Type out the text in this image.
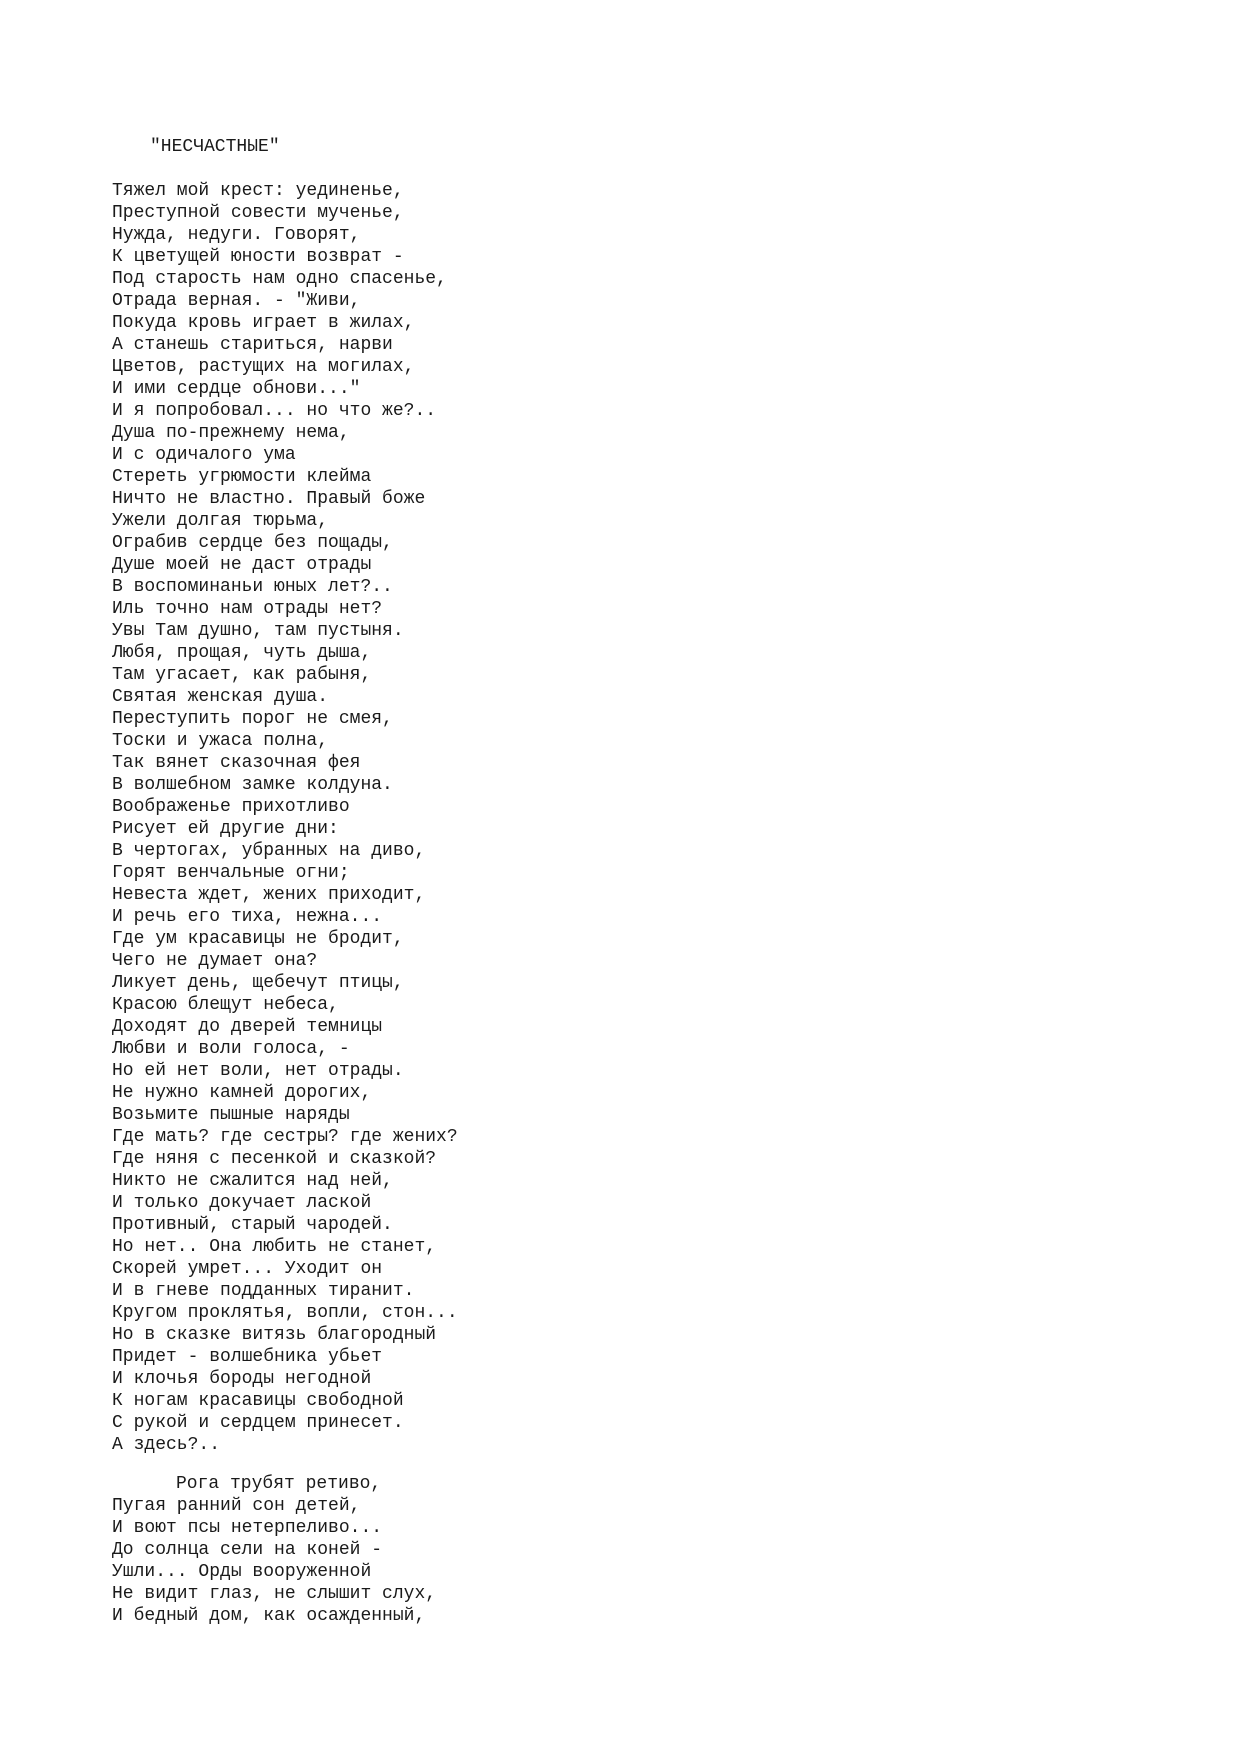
"НЕСЧАСТНЫЕ"
Тяжел мой крест: уединенье,
Преступной совести мученье,
Нужда, недуги. Говорят,
К цветущей юности возврат -
Под старость нам одно спасенье,
Отрада верная. - "Живи,
Покуда кровь играет в жилах,
А станешь стариться, нарви
Цветов, растущих на могилах,
И ими сердце обнови..."
И я попробовал... но что же?..
Душа по-прежнему нема,
И с одичалого ума
Стереть угрюмости клейма
Ничто не властно. Правый боже
Ужели долгая тюрьма,
Ограбив сердце без пощады,
Душе моей не даст отрады
В воспоминаньи юных лет?..
Иль точно нам отрады нет?
Увы Там душно, там пустыня.
Любя, прощая, чуть дыша,
Там угасает, как рабыня,
Святая женская душа.
Переступить порог не смея,
Тоски и ужаса полна,
Так вянет сказочная фея
В волшебном замке колдуна.
Воображенье прихотливо
Рисует ей другие дни:
В чертогах, убранных на диво,
Горят венчальные огни;
Невеста ждет, жених приходит,
И речь его тиха, нежна...
Где ум красавицы не бродит,
Чего не думает она?
Ликует день, щебечут птицы,
Красою блещут небеса,
Доходят до дверей темницы
Любви и воли голоса, -
Но ей нет воли, нет отрады.
Не нужно камней дорогих,
Возьмите пышные наряды
Где мать? где сестры? где жених?
Где няня с песенкой и сказкой?
Никто не сжалится над ней,
И только докучает лаской
Противный, старый чародей.
Но нет.. Она любить не станет,
Скорей умрет... Уходит он
И в гневе подданных тиранит.
Кругом проклятья, вопли, стон...
Но в сказке витязь благородный
Придет - волшебника убьет
И клочья бороды негодной
К ногам красавицы свободной
С рукой и сердцем принесет.
А здесь?..
Рога трубят ретиво,
Пугая ранний сон детей,
И воют псы нетерпеливо...
До солнца сели на коней -
Ушли... Орды вооруженной
Не видит глаз, не слышит слух,
И бедный дом, как осажденный,
